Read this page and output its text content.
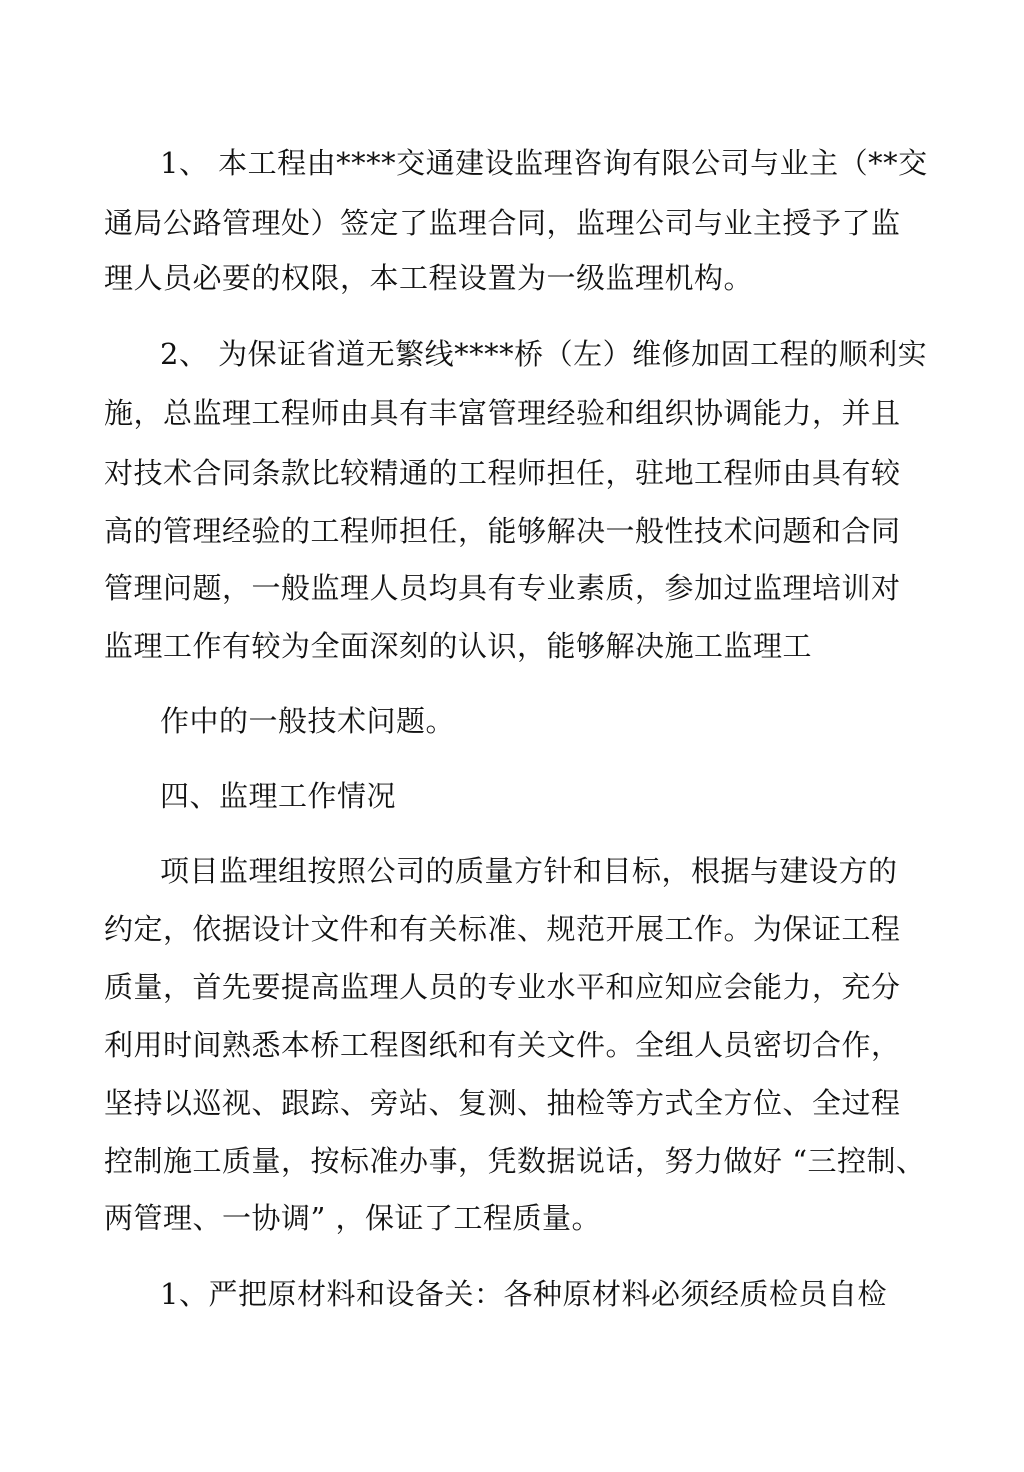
1、 本工程由****交通建设监理咨询有限公司与业主（**交
通局公路管理处）签定了监理合同，监理公司与业主授予了监
理人员必要的权限，本工程设置为一级监理机构。
2、 为保证省道无繁线****桥（左）维修加固工程的顺利实
施，总监理工程师由具有丰富管理经验和组织协调能力，并且
对技术合同条款比较精通的工程师担任，驻地工程师由具有较
高的管理经验的工程师担任，能够解决一般性技术问题和合同
管理问题，一般监理人员均具有专业素质，参加过监理培训对
监理工作有较为全面深刻的认识，能够解决施工监理工
作中的一般技术问题。
四、监理工作情况
项目监理组按照公司的质量方针和目标，根据与建设方的
约定，依据设计文件和有关标准、规范开展工作。为保证工程
质量，首先要提高监理人员的专业水平和应知应会能力，充分
利用时间熟悉本桥工程图纸和有关文件。全组人员密切合作，
坚持以巡视、跟踪、旁站、复测、抽检等方式全方位、全过程
控制施工质量，按标准办事，凭数据说话，努力做好 “三控制、
两管理、一协调” ，保证了工程质量。
1、严把原材料和设备关：各种原材料必须经质检员自检
